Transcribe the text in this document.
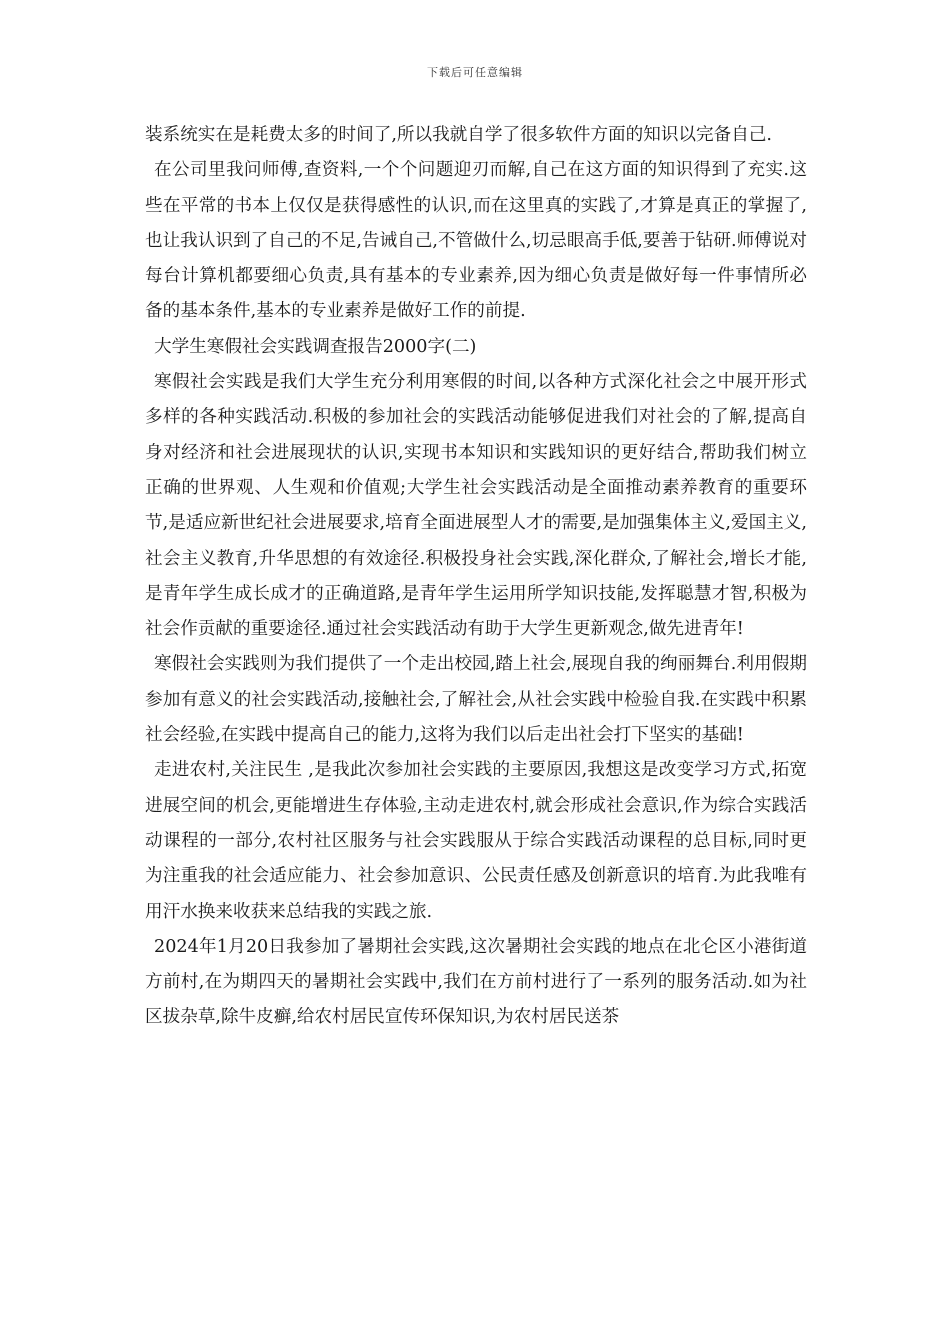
下载后可任意编辑

装系统实在是耗费太多的时间了,所以我就自学了很多软件方面的知识以完备自己.

在公司里我问师傅,查资料,一个个问题迎刃而解,自己在这方面的知识得到了充实.这些在平常的书本上仅仅是获得感性的认识,而在这里真的实践了,才算是真正的掌握了,也让我认识到了自己的不足,告诫自己,不管做什么,切忌眼高手低,要善于钻研.师傅说对每台计算机都要细心负责,具有基本的专业素养,因为细心负责是做好每一件事情所必备的基本条件,基本的专业素养是做好工作的前提.

大学生寒假社会实践调查报告2000字(二)

寒假社会实践是我们大学生充分利用寒假的时间,以各种方式深化社会之中展开形式多样的各种实践活动.积极的参加社会的实践活动能够促进我们对社会的了解,提高自身对经济和社会进展现状的认识,实现书本知识和实践知识的更好结合,帮助我们树立正确的世界观、人生观和价值观;大学生社会实践活动是全面推动素养教育的重要环节,是适应新世纪社会进展要求,培育全面进展型人才的需要,是加强集体主义,爱国主义,社会主义教育,升华思想的有效途径.积极投身社会实践,深化群众,了解社会,增长才能,是青年学生成长成才的正确道路,是青年学生运用所学知识技能,发挥聪慧才智,积极为社会作贡献的重要途径.通过社会实践活动有助于大学生更新观念,做先进青年!

寒假社会实践则为我们提供了一个走出校园,踏上社会,展现自我的绚丽舞台.利用假期参加有意义的社会实践活动,接触社会,了解社会,从社会实践中检验自我.在实践中积累社会经验,在实践中提高自己的能力,这将为我们以后走出社会打下坚实的基础!

走进农村,关注民生 ,是我此次参加社会实践的主要原因,我想这是改变学习方式,拓宽进展空间的机会,更能增进生存体验,主动走进农村,就会形成社会意识,作为综合实践活动课程的一部分,农村社区服务与社会实践服从于综合实践活动课程的总目标,同时更为注重我的社会适应能力、社会参加意识、公民责任感及创新意识的培育.为此我唯有用汗水换来收获来总结我的实践之旅.

2024年1月20日我参加了暑期社会实践,这次暑期社会实践的地点在北仑区小港街道方前村,在为期四天的暑期社会实践中,我们在方前村进行了一系列的服务活动.如为社区拔杂草,除牛皮癣,给农村居民宣传环保知识,为农村居民送茶
